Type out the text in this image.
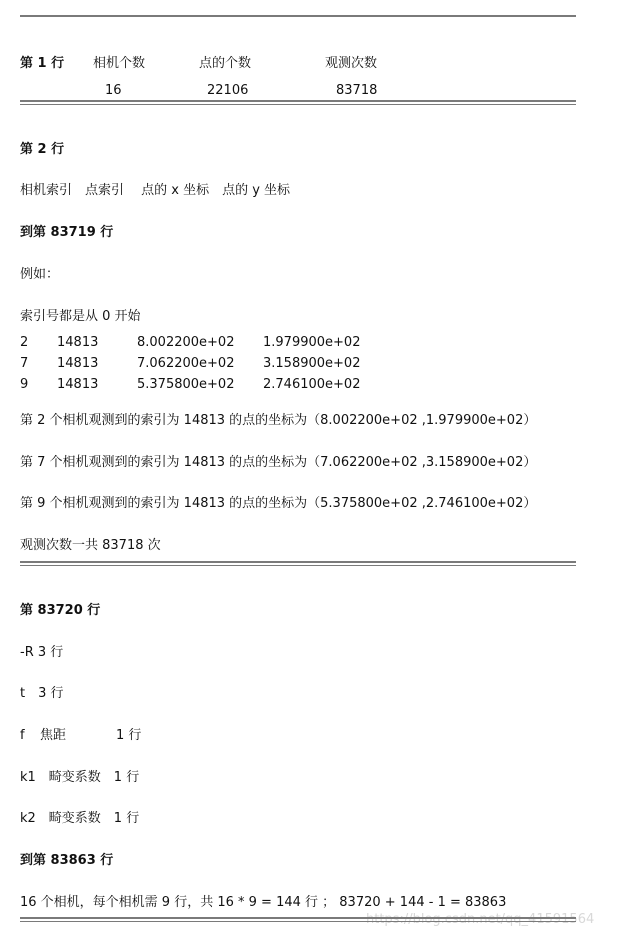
第 1 行 相机个数	点的个数	观测次数
16	22106	83718
第 2 行
相机索引　点索引　 点的 x 坐标　点的 y 坐标
到第 83719 行
例如：
索引号都是从 0 开始
2 14813	8.002200e+02 1.979900e+02
7 14813	7.062200e+02 3.158900e+02
9 14813	5.375800e+02 2.746100e+02
第 2 个相机观测到的索引为 14813 的点的坐标为（8.002200e+02 ,1.979900e+02）
第 7 个相机观测到的索引为 14813 的点的坐标为（7.062200e+02 ,3.158900e+02）
第 9 个相机观测到的索引为 14813 的点的坐标为（5.375800e+02 ,2.746100e+02）
观测次数一共 83718 次
第 83720 行
-R 3 行
t　3 行
f 焦距	1 行
k1　畸变系数　1 行
k2　畸变系数　1 行
到第 83863 行
16 个相机，每个相机需 9 行，共 16 * 9 = 144 行 ； 83720 + 144 - 1 = 83863
https://blog.csdn.net/qq_41591564
